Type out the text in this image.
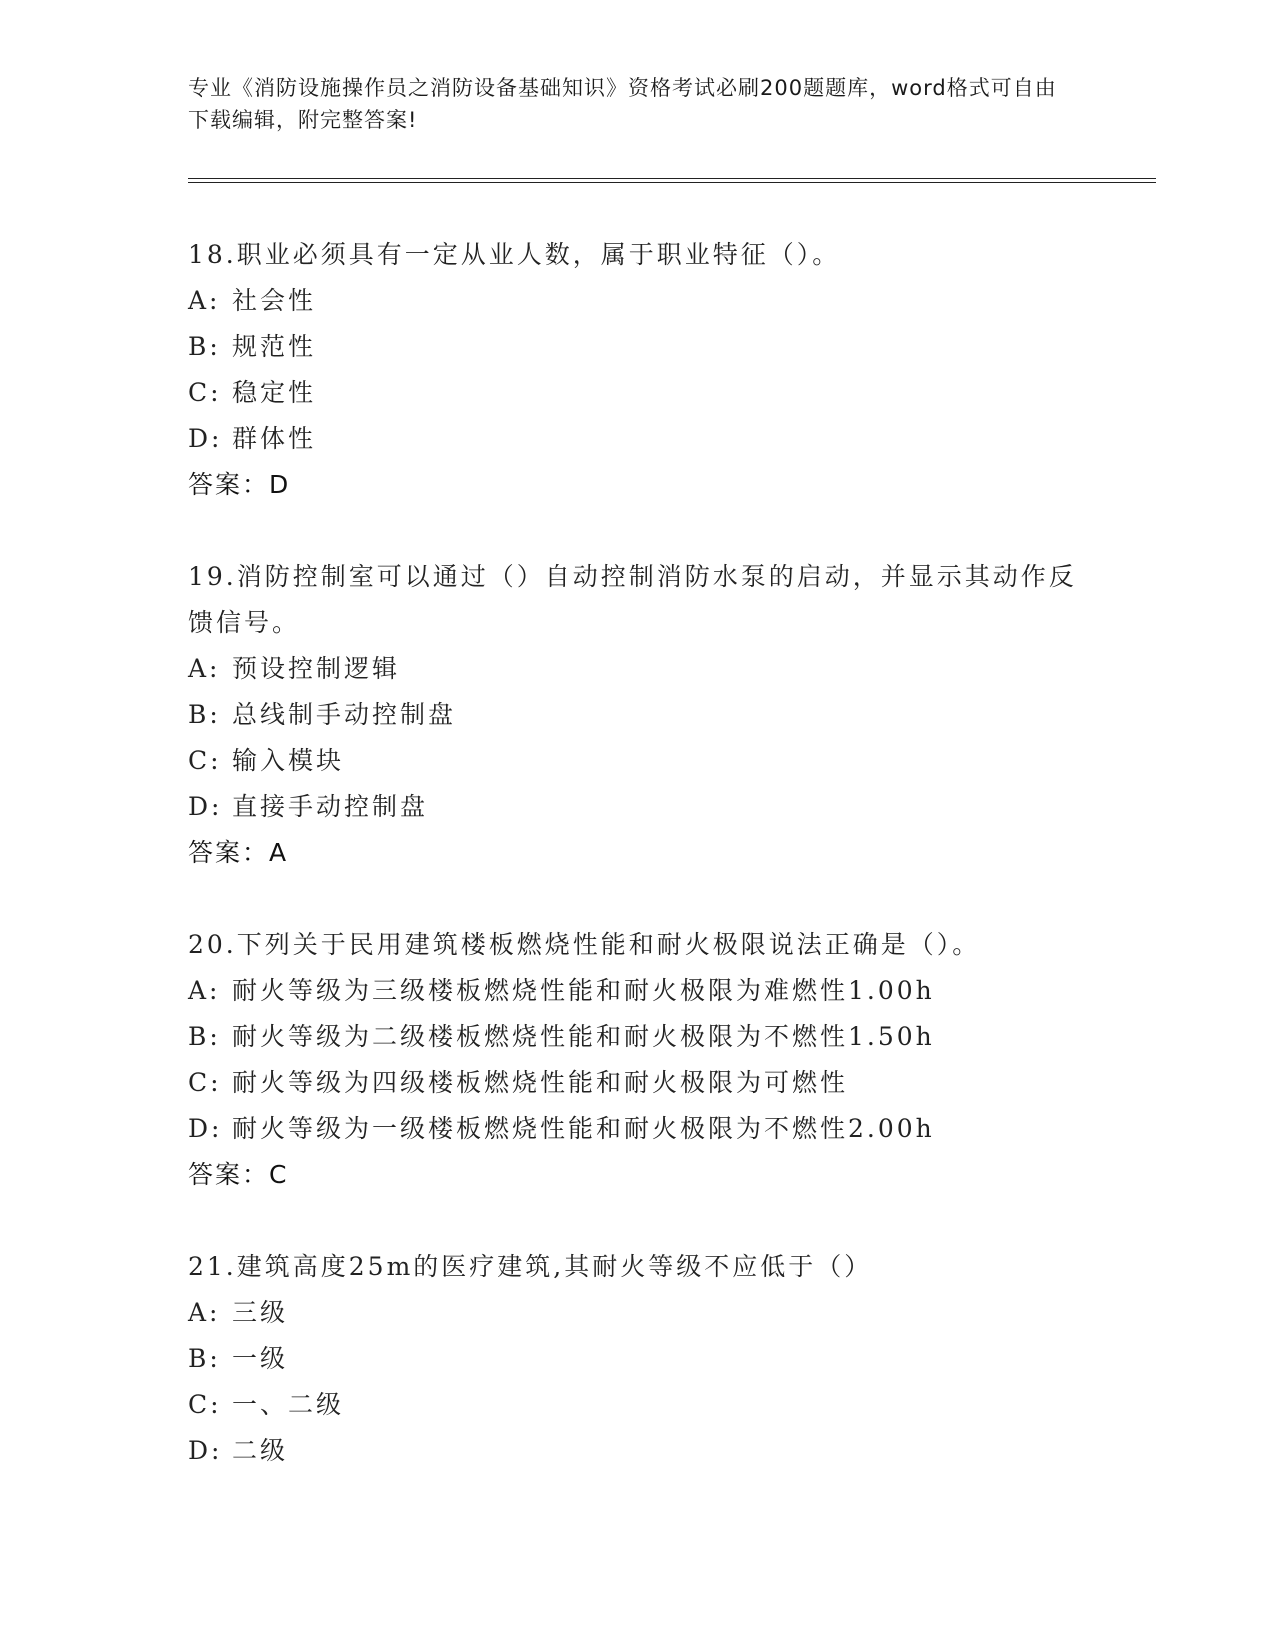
专业《消防设施操作员之消防设备基础知识》资格考试必刷200题题库，word格式可自由下载编辑，附完整答案!

18.职业必须具有一定从业人数，属于职业特征（）。

A: 社会性

B: 规范性

C: 稳定性

D: 群体性

答案：D

19.消防控制室可以通过（）自动控制消防水泵的启动，并显示其动作反馈信号。

A: 预设控制逻辑

B: 总线制手动控制盘

C: 输入模块

D: 直接手动控制盘

答案：A

20.下列关于民用建筑楼板燃烧性能和耐火极限说法正确是（）。

A: 耐火等级为三级楼板燃烧性能和耐火极限为难燃性1.00h

B: 耐火等级为二级楼板燃烧性能和耐火极限为不燃性1.50h

C: 耐火等级为四级楼板燃烧性能和耐火极限为可燃性

D: 耐火等级为一级楼板燃烧性能和耐火极限为不燃性2.00h

答案：C

21.建筑高度25m的医疗建筑,其耐火等级不应低于（）

A: 三级

B: 一级

C: 一、二级

D: 二级
